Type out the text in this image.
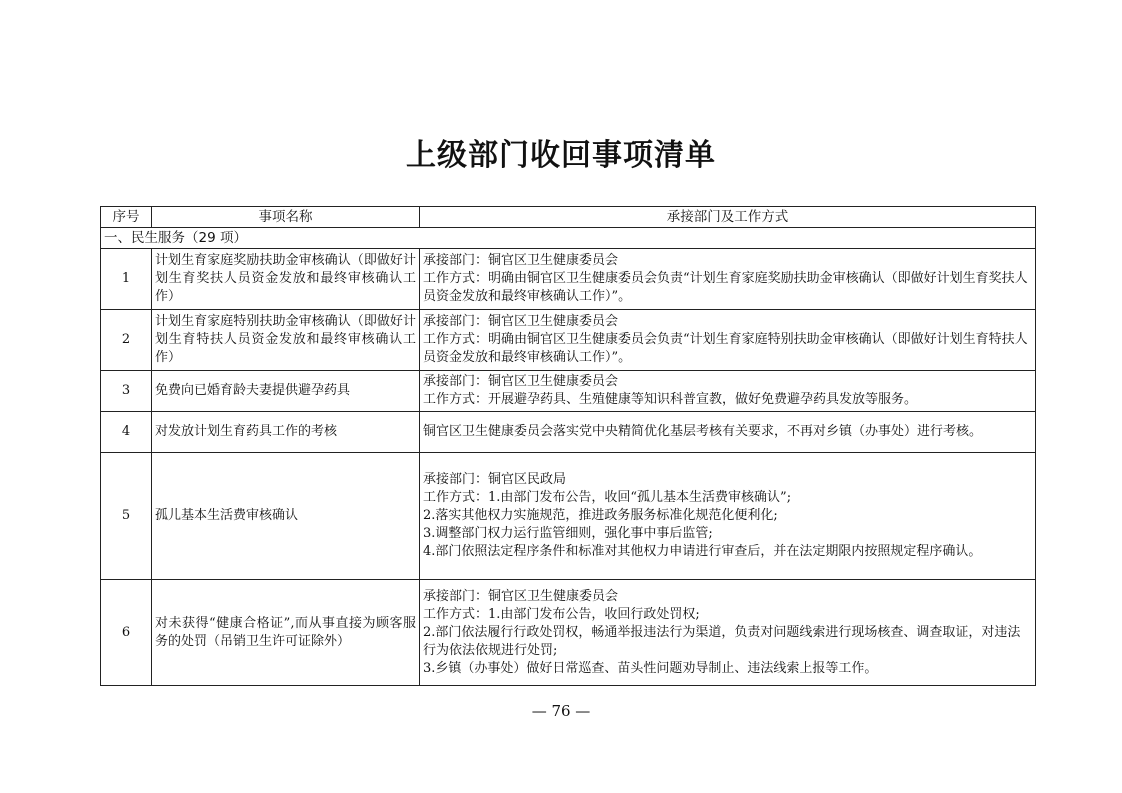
上级部门收回事项清单
序号	事项名称	承接部门及工作方式
一、民生服务（29 项）		
1	计划生育家庭奖励扶助金审核确认（即做好计划生育奖扶人员资金发放和最终审核确认工作）	承接部门：铜官区卫生健康委员会
工作方式：明确由铜官区卫生健康委员会负责“计划生育家庭奖励扶助金审核确认（即做好计划生育奖扶人员资金发放和最终审核确认工作）”。

2	计划生育家庭特别扶助金审核确认（即做好计划生育特扶人员资金发放和最终审核确认工作）	承接部门：铜官区卫生健康委员会
工作方式：明确由铜官区卫生健康委员会负责“计划生育家庭特别扶助金审核确认（即做好计划生育特扶人员资金发放和最终审核确认工作）”。

3	免费向已婚育龄夫妻提供避孕药具	承接部门：铜官区卫生健康委员会
工作方式：开展避孕药具、生殖健康等知识科普宣教，做好免费避孕药具发放等服务。

4	对发放计划生育药具工作的考核	铜官区卫生健康委员会落实党中央精简优化基层考核有关要求，不再对乡镇（办事处）进行考核。

5	孤儿基本生活费审核确认	承接部门：铜官区民政局
工作方式：1.由部门发布公告，收回“孤儿基本生活费审核确认”;
2.落实其他权力实施规范，推进政务服务标准化规范化便利化;
3.调整部门权力运行监管细则，强化事中事后监管;
4.部门依照法定程序条件和标准对其他权力申请进行审查后，并在法定期限内按照规定程序确认。

6	对未获得“健康合格证”,而从事直接为顾客服务的处罚（吊销卫生许可证除外）	承接部门：铜官区卫生健康委员会
工作方式：1.由部门发布公告，收回行政处罚权;
2.部门依法履行行政处罚权，畅通举报违法行为渠道，负责对问题线索进行现场核查、调查取证，对违法行为依法依规进行处罚;
3.乡镇（办事处）做好日常巡查、苗头性问题劝导制止、违法线索上报等工作。
— 76 —
